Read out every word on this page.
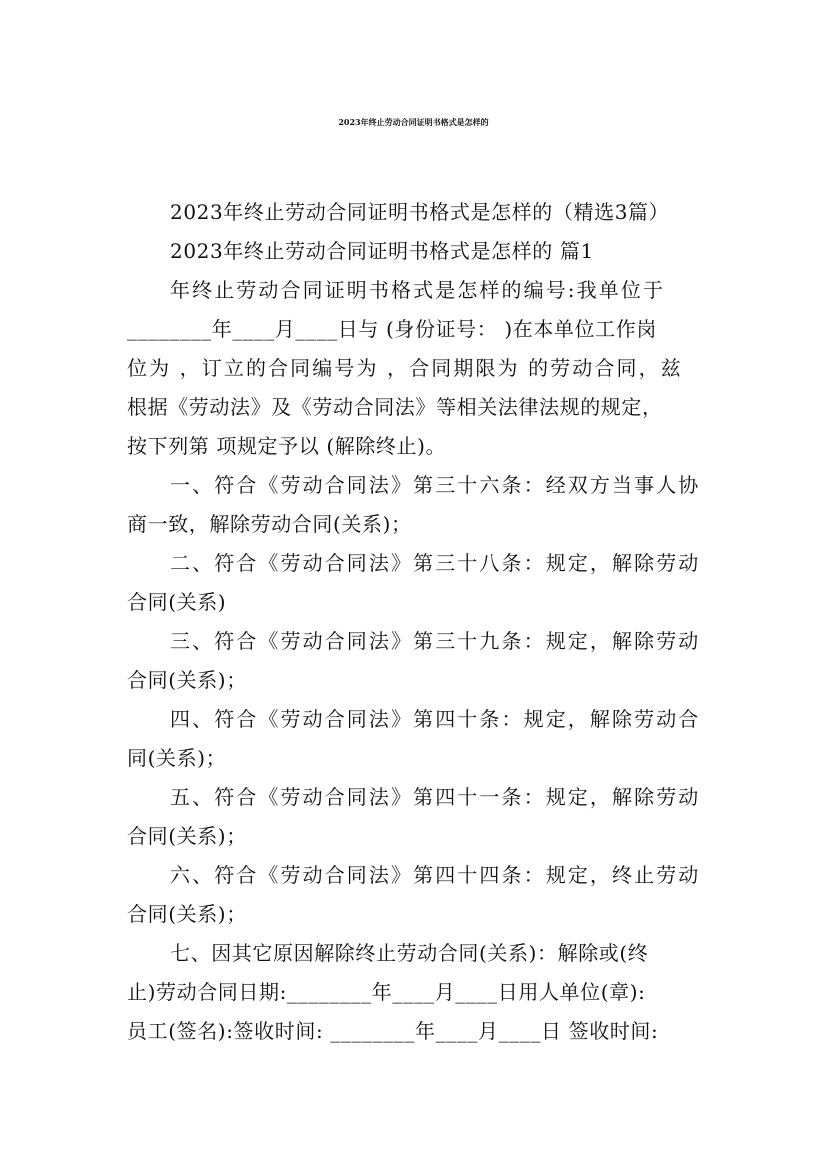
2023年终止劳动合同证明书格式是怎样的
2023年终止劳动合同证明书格式是怎样的（精选3篇）
2023年终止劳动合同证明书格式是怎样的 篇1
年终止劳动合同证明书格式是怎样的编号:我单位于
________年____月____日与 (身份证号： )在本单位工作岗
位为 ，订立的合同编号为 ，合同期限为 的劳动合同，兹
根据《劳动法》及《劳动合同法》等相关法律法规的规定，
按下列第 项规定予以 (解除终止)。
一、符合《劳动合同法》第三十六条：经双方当事人协
商一致，解除劳动合同(关系)；
二、符合《劳动合同法》第三十八条：规定，解除劳动
合同(关系)
三、符合《劳动合同法》第三十九条：规定，解除劳动
合同(关系)；
四、符合《劳动合同法》第四十条：规定，解除劳动合
同(关系)；
五、符合《劳动合同法》第四十一条：规定，解除劳动
合同(关系)；
六、符合《劳动合同法》第四十四条：规定，终止劳动
合同(关系)；
七、因其它原因解除终止劳动合同(关系)：解除或(终
止)劳动合同日期:________年____月____日用人单位(章):
员工(签名):签收时间: ________年____月____日 签收时间:
